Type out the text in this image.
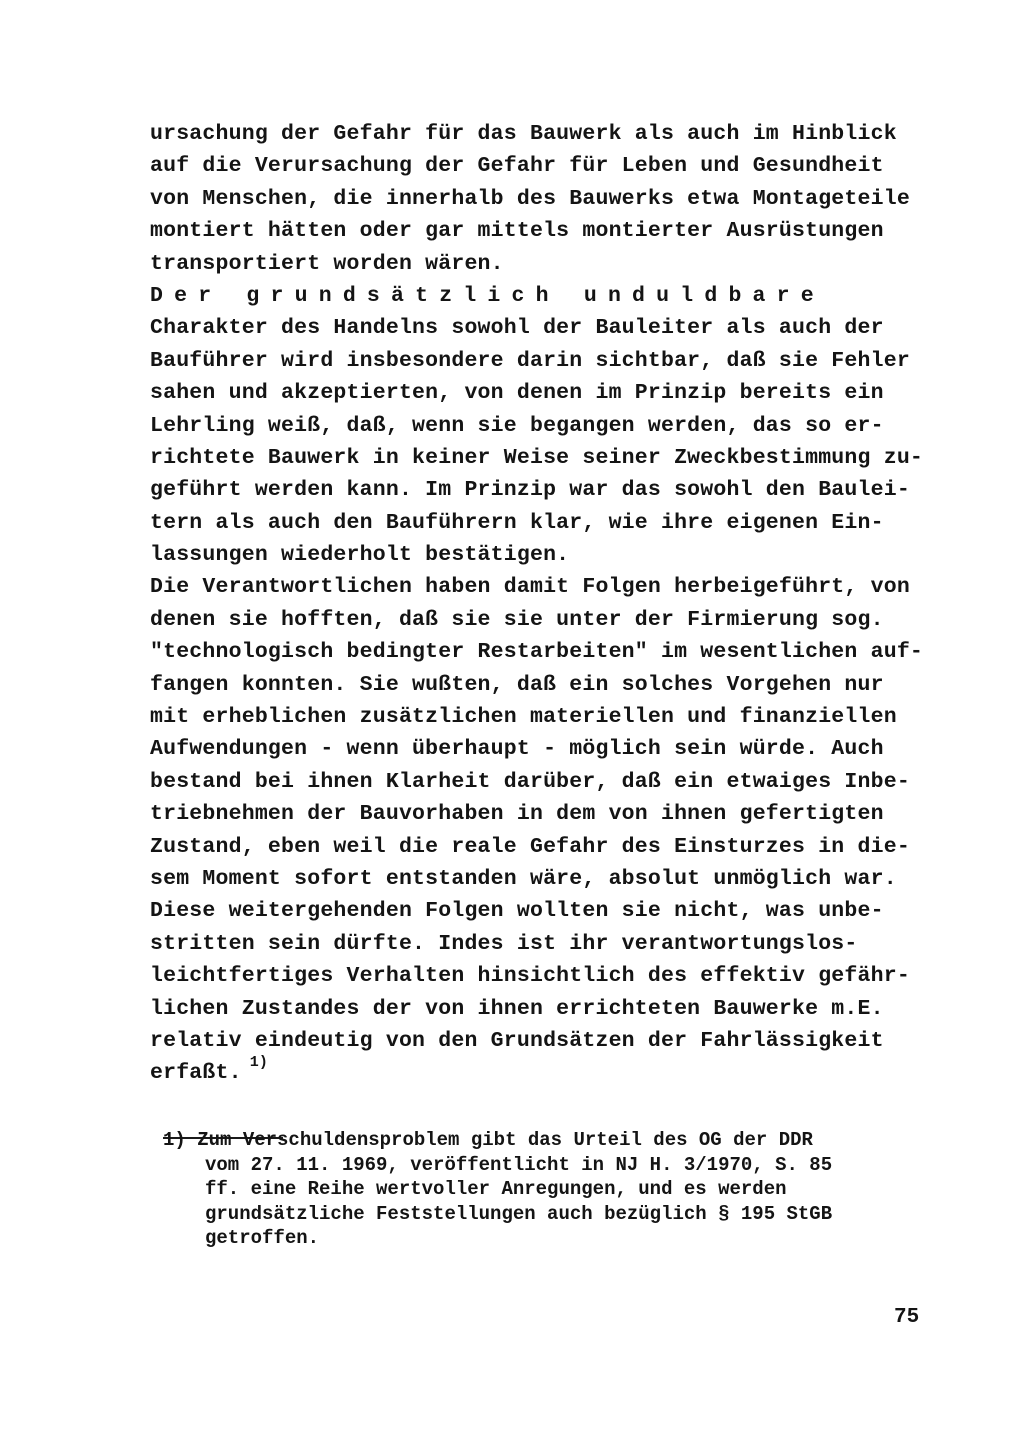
ursachung der Gefahr für das Bauwerk als auch im Hinblick
auf die Verursachung der Gefahr für Leben und Gesundheit
von Menschen, die innerhalb des Bauwerks etwa Montageteile
montiert hätten oder gar mittels montierter Ausrüstungen
transportiert worden wären.
Der grundsätzlich unduldbare
Charakter des Handelns sowohl der Bauleiter als auch der
Bauführer wird insbesondere darin sichtbar, daß sie Fehler
sahen und akzeptierten, von denen im Prinzip bereits ein
Lehrling weiß, daß, wenn sie begangen werden, das so er-
richtete Bauwerk in keiner Weise seiner Zweckbestimmung zu-
geführt werden kann. Im Prinzip war das sowohl den Baulei-
tern als auch den Bauführern klar, wie ihre eigenen Ein-
lassungen wiederholt bestätigen.
Die Verantwortlichen haben damit Folgen herbeigeführt, von
denen sie hofften, daß sie sie unter der Firmierung sog.
"technologisch bedingter Restarbeiten" im wesentlichen auf-
fangen konnten. Sie wußten, daß ein solches Vorgehen nur
mit erheblichen zusätzlichen materiellen und finanziellen
Aufwendungen - wenn überhaupt - möglich sein würde. Auch
bestand bei ihnen Klarheit darüber, daß ein etwaiges Inbe-
triebnehmen der Bauvorhaben in dem von ihnen gefertigten
Zustand, eben weil die reale Gefahr des Einsturzes in die-
sem Moment sofort entstanden wäre, absolut unmöglich war.
Diese weitergehenden Folgen wollten sie nicht, was unbe-
stritten sein dürfte. Indes ist ihr verantwortungslos-
leichtfertiges Verhalten hinsichtlich des effektiv gefähr-
lichen Zustandes der von ihnen errichteten Bauwerke m.E.
relativ eindeutig von den Grundsätzen der Fahrlässigkeit
erfaßt. $^{1)}$
1) Zum Verschuldensproblem gibt das Urteil des OG der DDR
vom 27. 11. 1969, veröffentlicht in NJ H. 3/1970, S. 85
ff. eine Reihe wertvoller Anregungen, und es werden
grundsätzliche Feststellungen auch bezüglich § 195 StGB
getroffen.
75
